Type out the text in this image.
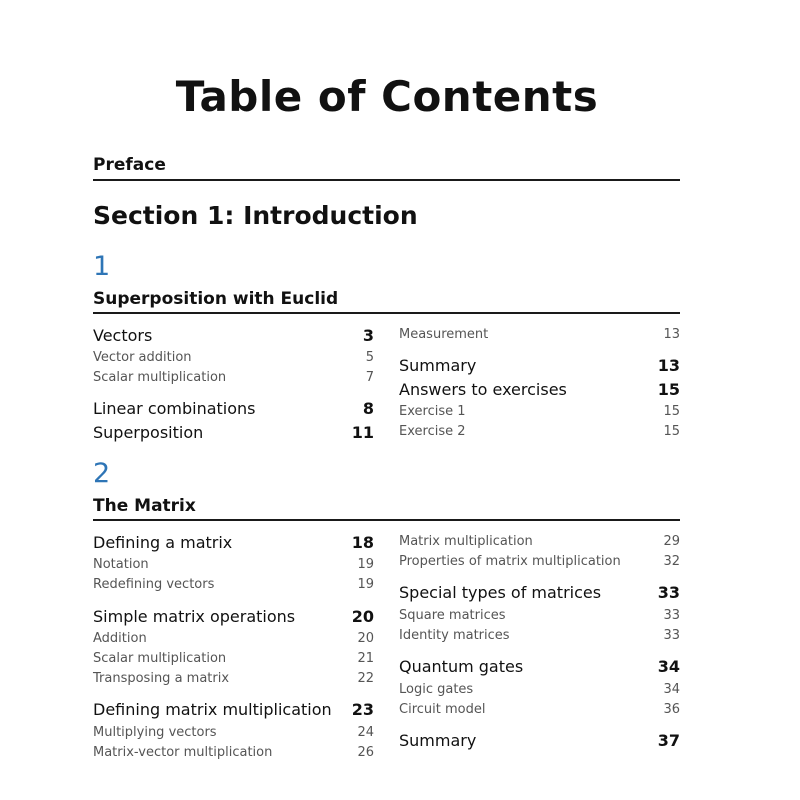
Table of Contents
Preface
Section 1: Introduction
1
Superposition with Euclid
Vectors	3
Vector addition	5
Scalar multiplication	7
Linear combinations	8
Superposition	11
Measurement	13
Summary	13
Answers to exercises	15
Exercise 1	15
Exercise 2	15
2
The Matrix
Defining a matrix	18
Notation	19
Redefining vectors	19
Simple matrix operations	20
Addition	20
Scalar multiplication	21
Transposing a matrix	22
Defining matrix multiplication 23
Multiplying vectors	24
Matrix-vector multiplication	26
Matrix multiplication	29
Properties of matrix multiplication	32
Special types of matrices	33
Square matrices	33
Identity matrices	33
Quantum gates	34
Logic gates	34
Circuit model	36
Summary	37
